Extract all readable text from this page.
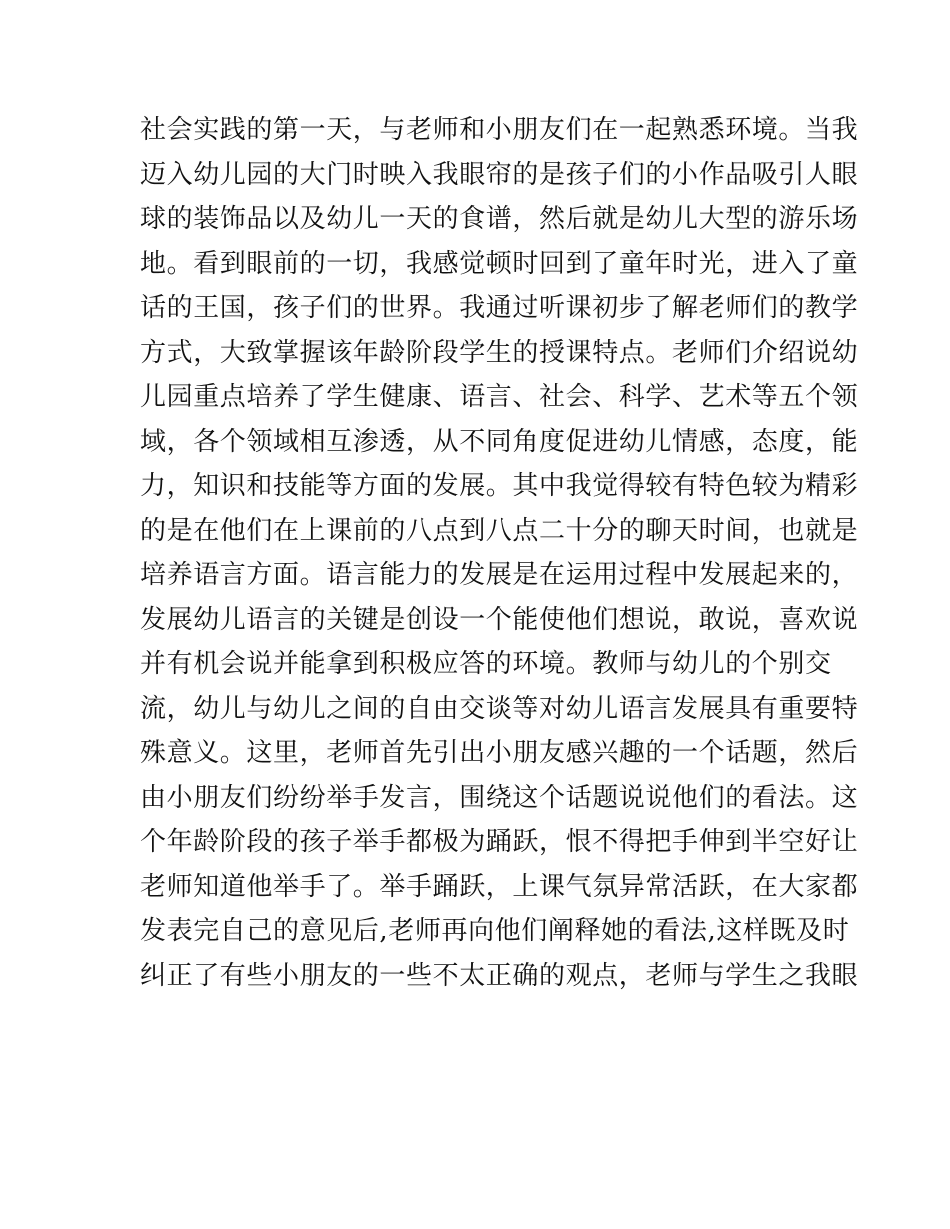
社会实践的第一天，与老师和小朋友们在一起熟悉环境。当我
迈入幼儿园的大门时映入我眼帘的是孩子们的小作品吸引人眼
球的装饰品以及幼儿一天的食谱，然后就是幼儿大型的游乐场
地。看到眼前的一切，我感觉顿时回到了童年时光，进入了童
话的王国，孩子们的世界。我通过听课初步了解老师们的教学
方式，大致掌握该年龄阶段学生的授课特点。老师们介绍说幼
儿园重点培养了学生健康、语言、社会、科学、艺术等五个领
域，各个领域相互渗透，从不同角度促进幼儿情感，态度，能
力，知识和技能等方面的发展。其中我觉得较有特色较为精彩
的是在他们在上课前的八点到八点二十分的聊天时间，也就是
培养语言方面。语言能力的发展是在运用过程中发展起来的，
发展幼儿语言的关键是创设一个能使他们想说，敢说，喜欢说
并有机会说并能拿到积极应答的环境。教师与幼儿的个别交
流，幼儿与幼儿之间的自由交谈等对幼儿语言发展具有重要特
殊意义。这里，老师首先引出小朋友感兴趣的一个话题，然后
由小朋友们纷纷举手发言，围绕这个话题说说他们的看法。这
个年龄阶段的孩子举手都极为踊跃，恨不得把手伸到半空好让
老师知道他举手了。举手踊跃，上课气氛异常活跃，在大家都
发表完自己的意见后,老师再向他们阐释她的看法,这样既及时
纠正了有些小朋友的一些不太正确的观点，老师与学生之我眼
